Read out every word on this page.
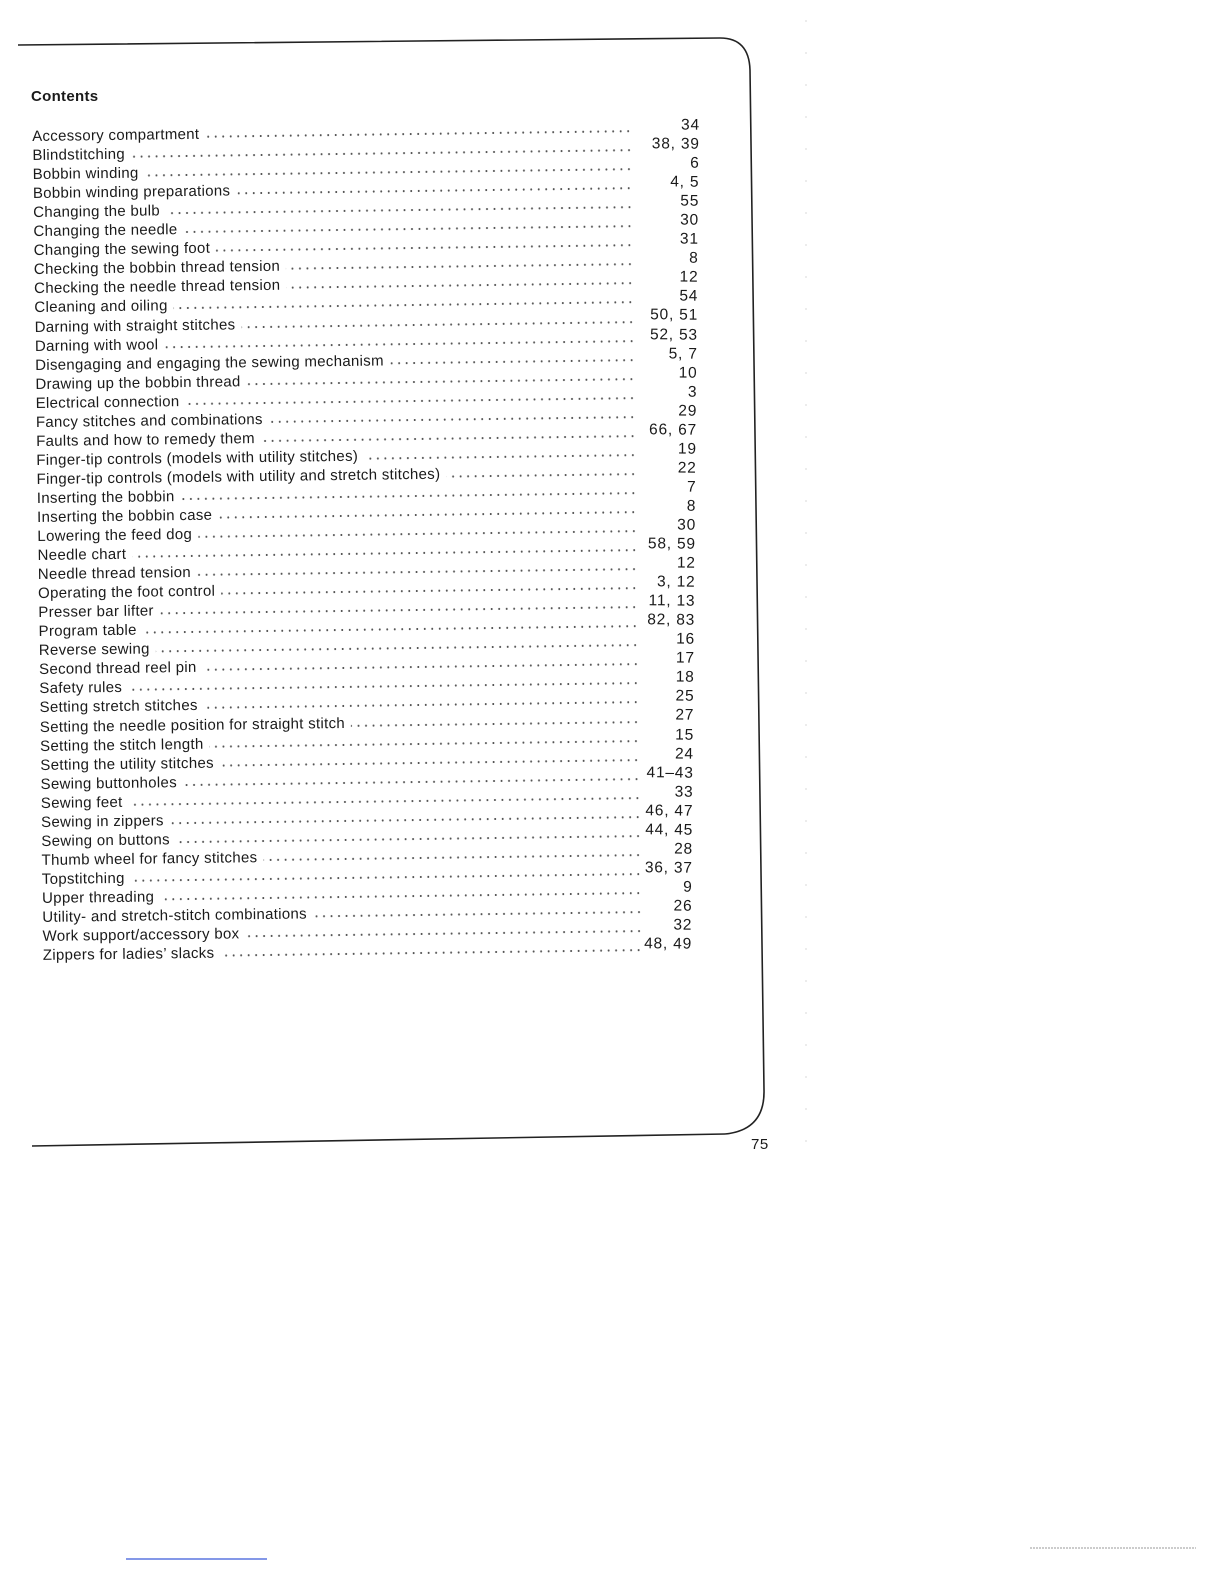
Contents
Accessory compartment
Blindstitching
Bobbin winding
Bobbin winding preparations
Changing the bulb
Changing the needle
Changing the sewing foot
Checking the bobbin thread tension
Checking the needle thread tension
Cleaning and oiling
Darning with straight stitches
Darning with wool
Disengaging and engaging the sewing mechanism
Drawing up the bobbin thread
Electrical connection
Fancy stitches and combinations
Faults and how to remedy them
Finger-tip controls (models with utility stitches)
Finger-tip controls (models with utility and stretch stitches)
Inserting the bobbin
Inserting the bobbin case
Lowering the feed dog
Needle chart
Needle thread tension
Operating the foot control
Presser bar lifter
Program table
Reverse sewing
Second thread reel pin
Safety rules
Setting stretch stitches
Setting the needle position for straight stitch
Setting the stitch length
Setting the utility stitches
Sewing buttonholes
Sewing feet
Sewing in zippers
Sewing on buttons
Thumb wheel for fancy stitches
Topstitching
Upper threading
Utility- and stretch-stitch combinations
Work support/accessory box
Zippers for ladies’ slacks
34
38, 39
6
4, 5
55
30
31
8
12
54
50, 51
52, 53
5, 7
10
3
29
66, 67
19
22
7
8
30
58, 59
12
3, 12
11, 13
82, 83
16
17
18
25
27
15
24
41–43
33
46, 47
44, 45
28
36, 37
9
26
32
48, 49
75
